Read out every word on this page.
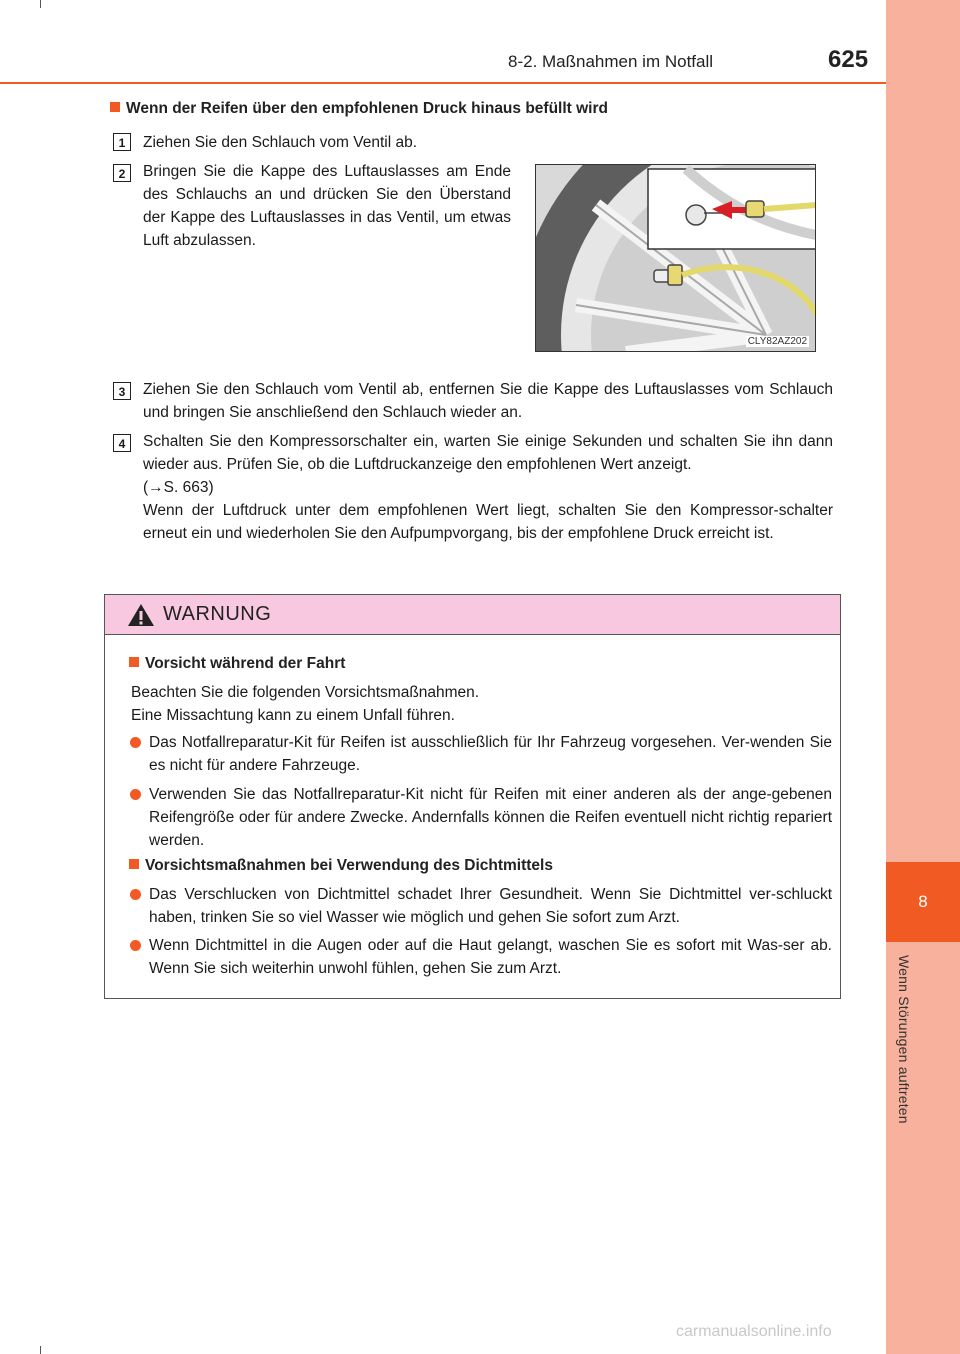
8
Wenn Störungen auftreten
8-2. Maßnahmen im Notfall	625
Wenn der Reifen über den empfohlenen Druck hinaus befüllt wird
1	Ziehen Sie den Schlauch vom Ventil ab.
2	Bringen Sie die Kappe des Luftauslasses am Ende des Schlauchs an und drücken Sie den Überstand der Kappe des Luftauslasses in das Ventil, um etwas Luft abzulassen.
CLY82AZ202
3	Ziehen Sie den Schlauch vom Ventil ab, entfernen Sie die Kappe des Luftauslasses vom Schlauch und bringen Sie anschließend den Schlauch wieder an.
4	Schalten Sie den Kompressorschalter ein, warten Sie einige Sekunden und schalten Sie ihn dann wieder aus. Prüfen Sie, ob die Luftdruckanzeige den empfohlenen Wert anzeigt.
(→S. 663)
Wenn der Luftdruck unter dem empfohlenen Wert liegt, schalten Sie den Kompressor-schalter erneut ein und wiederholen Sie den Aufpumpvorgang, bis der empfohlene Druck erreicht ist.
WARNUNG
Vorsicht während der Fahrt
Beachten Sie die folgenden Vorsichtsmaßnahmen.
Eine Missachtung kann zu einem Unfall führen.
Das Notfallreparatur-Kit für Reifen ist ausschließlich für Ihr Fahrzeug vorgesehen. Ver-wenden Sie es nicht für andere Fahrzeuge.
Verwenden Sie das Notfallreparatur-Kit nicht für Reifen mit einer anderen als der ange-gebenen Reifengröße oder für andere Zwecke. Andernfalls können die Reifen eventuell nicht richtig repariert werden.
Vorsichtsmaßnahmen bei Verwendung des Dichtmittels
Das Verschlucken von Dichtmittel schadet Ihrer Gesundheit. Wenn Sie Dichtmittel ver-schluckt haben, trinken Sie so viel Wasser wie möglich und gehen Sie sofort zum Arzt.
Wenn Dichtmittel in die Augen oder auf die Haut gelangt, waschen Sie es sofort mit Was-ser ab. Wenn Sie sich weiterhin unwohl fühlen, gehen Sie zum Arzt.
carmanualsonline.info
